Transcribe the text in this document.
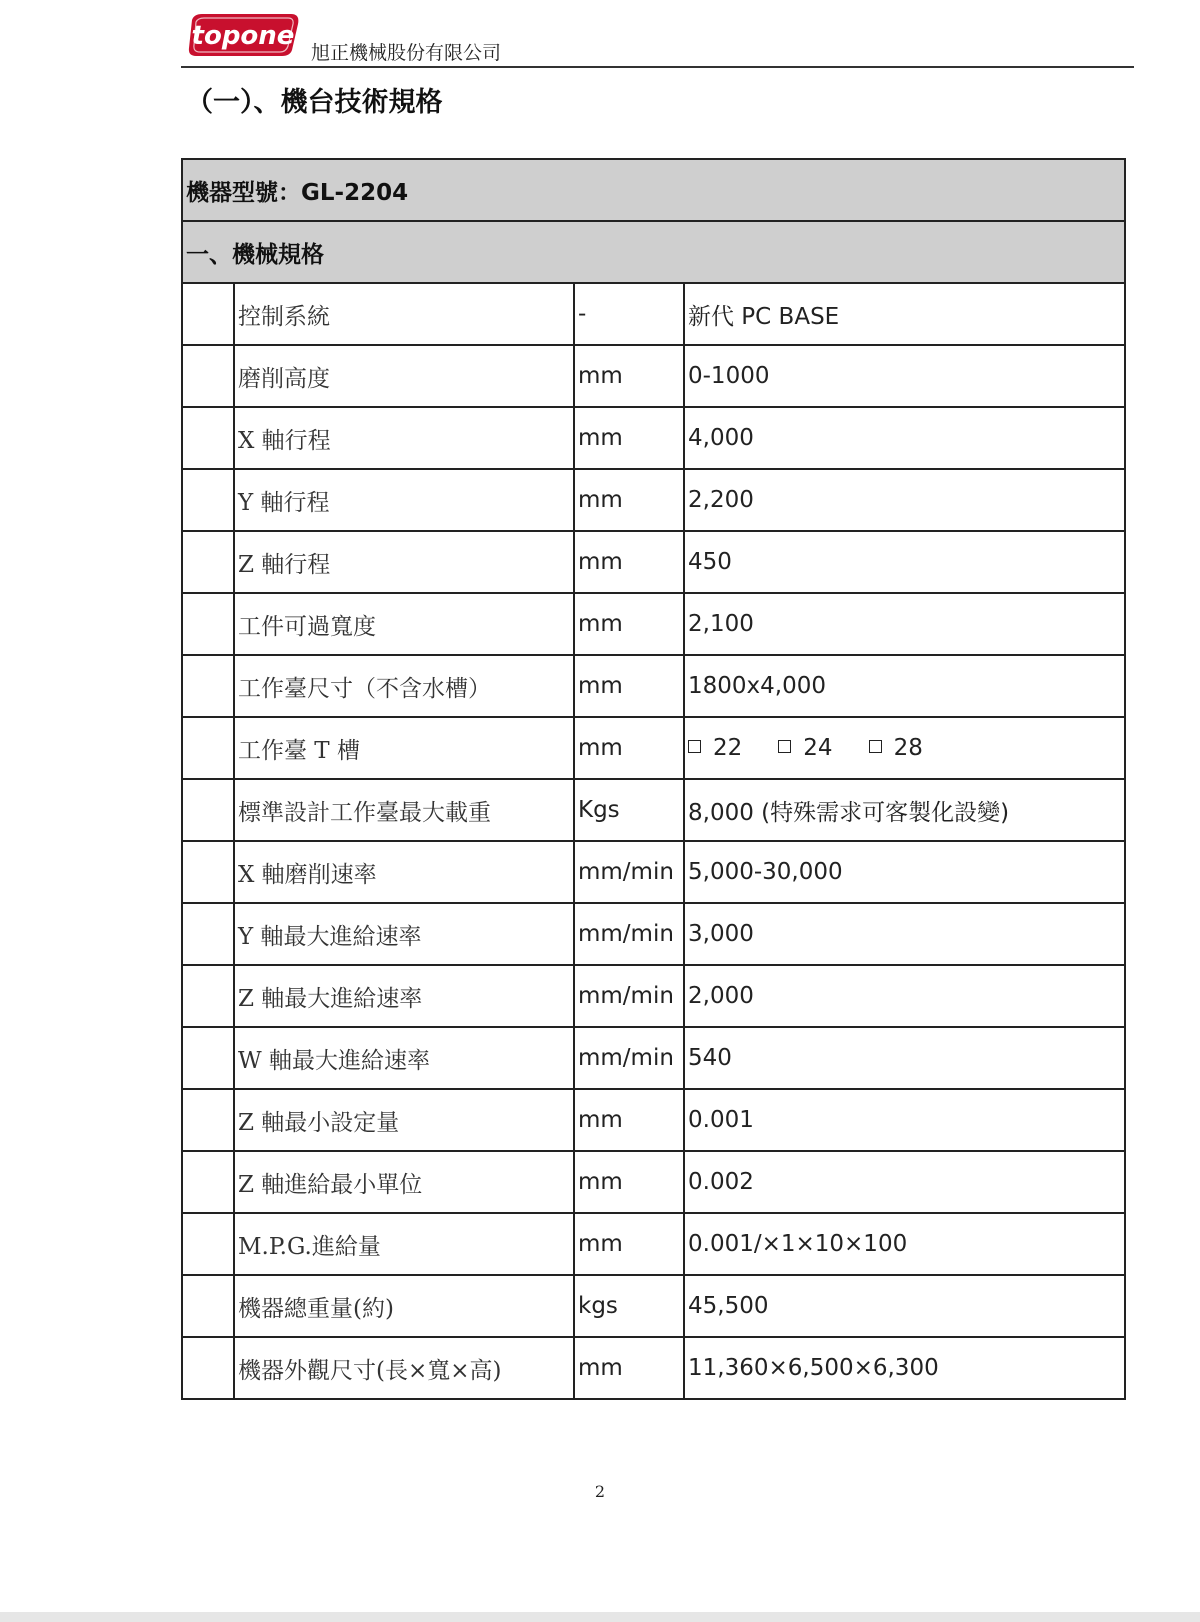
topone
旭正機械股份有限公司
（一）、機台技術規格
機器型號：GL-2204			
一、機械規格			
	控制系統	-	新代 PC BASE
	磨削高度	mm	0-1000
	X 軸行程	mm	4,000
	Y 軸行程	mm	2,200
	Z 軸行程	mm	450
	工件可過寬度	mm	2,100
	工作臺尺寸（不含水槽）	mm	1800x4,000
	工作臺 T 槽	mm	22 24 28
	標準設計工作臺最大載重	Kgs	8,000 (特殊需求可客製化設變)
	X 軸磨削速率	mm/min	5,000-30,000
	Y 軸最大進給速率	mm/min	3,000
	Z 軸最大進給速率	mm/min	2,000
	W 軸最大進給速率	mm/min	540
	Z 軸最小設定量	mm	0.001
	Z 軸進給最小單位	mm	0.002
	M.P.G.進給量	mm	0.001/×1×10×100
	機器總重量(約)	kgs	45,500
	機器外觀尺寸(長×寬×高)	mm	11,360×6,500×6,300
2
